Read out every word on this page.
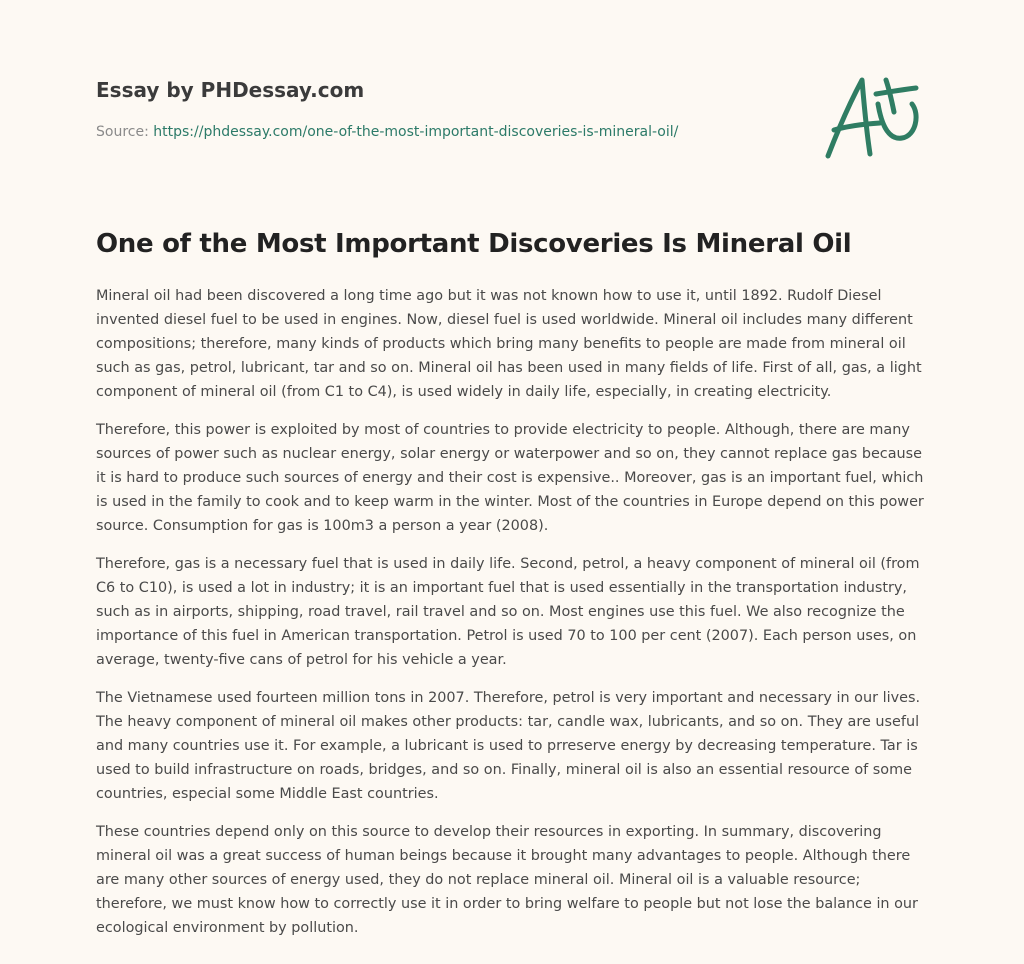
Essay by PHDessay.com
Source: https://phdessay.com/one-of-the-most-important-discoveries-is-mineral-oil/
One of the Most Important Discoveries Is Mineral Oil

Mineral oil had been discovered a long time ago but it was not known how to use it, until 1892. Rudolf Diesel invented diesel fuel to be used in engines. Now, diesel fuel is used worldwide. Mineral oil includes many different compositions; therefore, many kinds of products which bring many benefits to people are made from mineral oil such as gas, petrol, lubricant, tar and so on. Mineral oil has been used in many fields of life. First of all, gas, a light component of mineral oil (from C1 to C4), is used widely in daily life, especially, in creating electricity.

Therefore, this power is exploited by most of countries to provide electricity to people. Although, there are many sources of power such as nuclear energy, solar energy or waterpower and so on, they cannot replace gas because it is hard to produce such sources of energy and their cost is expensive.. Moreover, gas is an important fuel, which is used in the family to cook and to keep warm in the winter. Most of the countries in Europe depend on this power source. Consumption for gas is 100m3 a person a year (2008).

Therefore, gas is a necessary fuel that is used in daily life. Second, petrol, a heavy component of mineral oil (from C6 to C10), is used a lot in industry; it is an important fuel that is used essentially in the transportation industry, such as in airports, shipping, road travel, rail travel and so on. Most engines use this fuel. We also recognize the importance of this fuel in American transportation. Petrol is used 70 to 100 per cent (2007). Each person uses, on average, twenty-five cans of petrol for his vehicle a year.

The Vietnamese used fourteen million tons in 2007. Therefore, petrol is very important and necessary in our lives. The heavy component of mineral oil makes other products: tar, candle wax, lubricants, and so on. They are useful and many countries use it. For example, a lubricant is used to prreserve energy by decreasing temperature. Tar is used to build infrastructure on roads, bridges, and so on. Finally, mineral oil is also an essential resource of some countries, especial some Middle East countries.

These countries depend only on this source to develop their resources in exporting. In summary, discovering mineral oil was a great success of human beings because it brought many advantages to people. Although there are many other sources of energy used, they do not replace mineral oil. Mineral oil is a valuable resource; therefore, we must know how to correctly use it in order to bring welfare to people but not lose the balance in our ecological environment by pollution.
